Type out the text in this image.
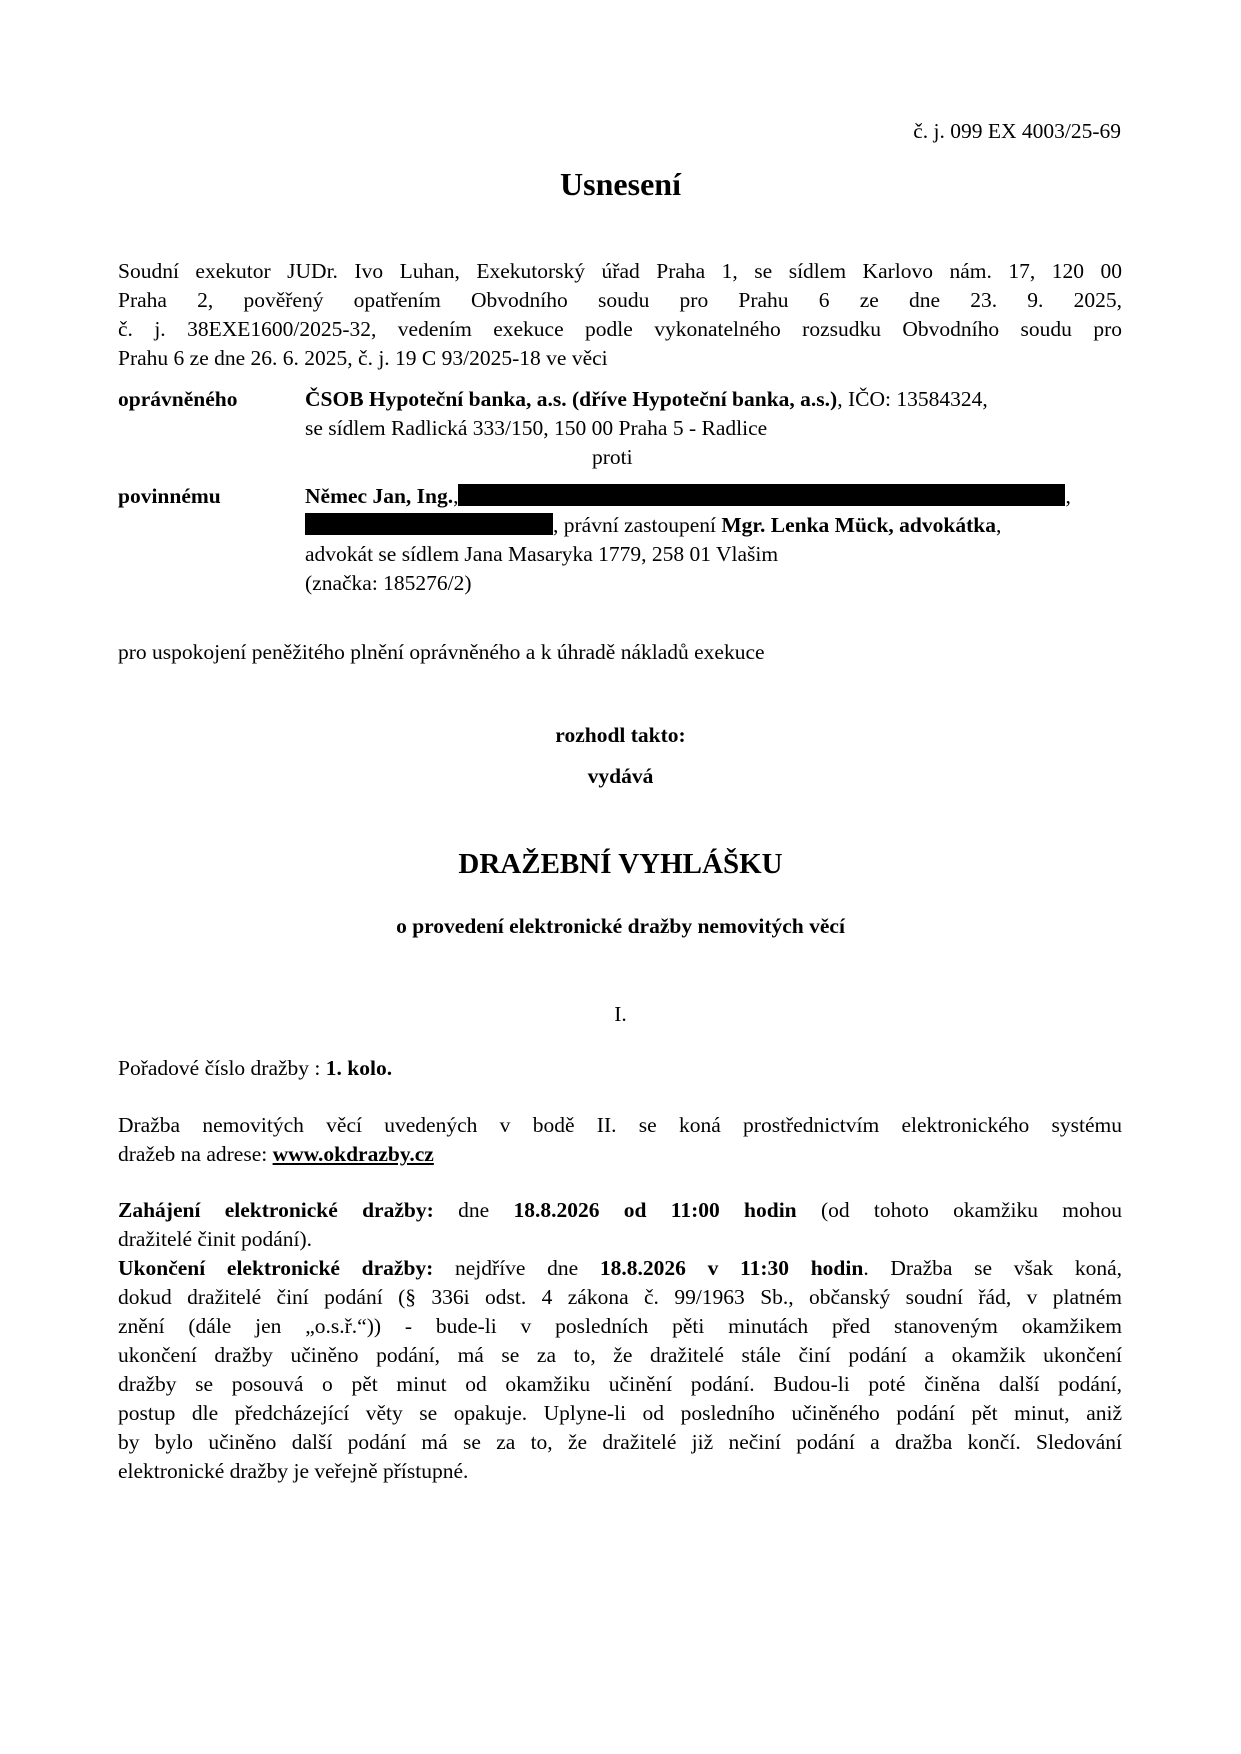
č. j. 099 EX 4003/25-69
Usnesení
Soudní exekutor JUDr. Ivo Luhan, Exekutorský úřad Praha 1, se sídlem Karlovo nám. 17, 120 00
Praha 2, pověřený opatřením Obvodního soudu pro Prahu 6 ze dne 23. 9. 2025,
č. j. 38EXE1600/2025-32, vedením exekuce podle vykonatelného rozsudku Obvodního soudu pro
Prahu 6 ze dne 26. 6. 2025, č. j. 19 C 93/2025-18 ve věci
oprávněného	ČSOB Hypoteční banka, a.s. (dříve Hypoteční banka, a.s.), IČO: 13584324,
se sídlem Radlická 333/150, 150 00 Praha 5 - Radlice
proti
povinnému	Němec Jan, Ing.,	,
, právní zastoupení Mgr. Lenka Mück, advokátka,
advokát se sídlem Jana Masaryka 1779, 258 01 Vlašim
(značka: 185276/2)
pro uspokojení peněžitého plnění oprávněného a k úhradě nákladů exekuce
rozhodl takto:
vydává
DRAŽEBNÍ VYHLÁŠKU
o provedení elektronické dražby nemovitých věcí
I.
Pořadové číslo dražby : 1. kolo.
Dražba nemovitých věcí uvedených v bodě II. se koná prostřednictvím elektronického systému
dražeb na adrese: www.okdrazby.cz
Zahájení elektronické dražby: dne 18.8.2026 od 11:00 hodin (od tohoto okamžiku mohou
dražitelé činit podání).
Ukončení elektronické dražby: nejdříve dne 18.8.2026 v 11:30 hodin. Dražba se však koná,
dokud dražitelé činí podání (§ 336i odst. 4 zákona č. 99/1963 Sb., občanský soudní řád, v platném
znění (dále jen „o.s.ř.“)) - bude-li v posledních pěti minutách před stanoveným okamžikem
ukončení dražby učiněno podání, má se za to, že dražitelé stále činí podání a okamžik ukončení
dražby se posouvá o pět minut od okamžiku učinění podání. Budou-li poté činěna další podání,
postup dle předcházející věty se opakuje. Uplyne-li od posledního učiněného podání pět minut, aniž
by bylo učiněno další podání má se za to, že dražitelé již nečiní podání a dražba končí. Sledování
elektronické dražby je veřejně přístupné.
